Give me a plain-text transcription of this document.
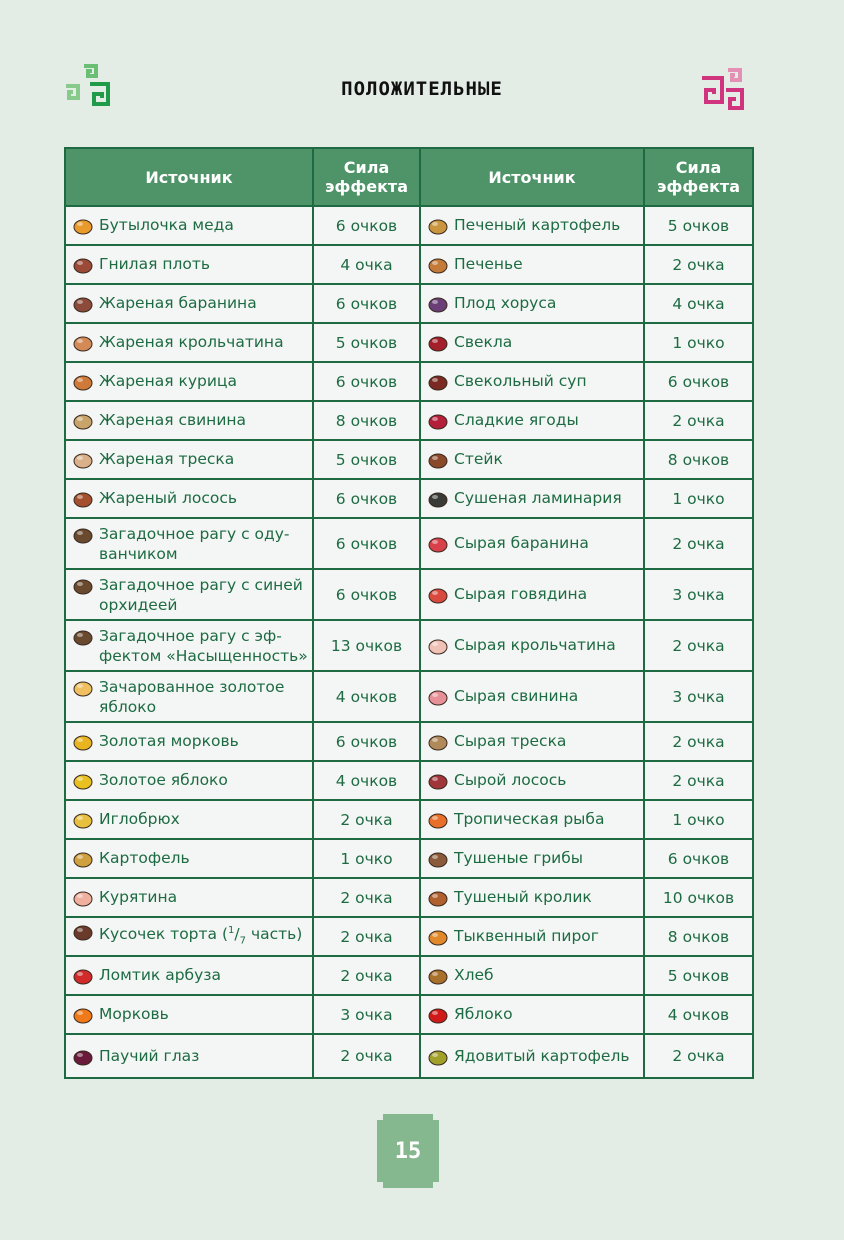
ПОЛОЖИТЕЛЬНЫЕ
Источник	Сила эффекта	Источник	Сила эффекта

Бутылочка меда	6 очков	Печеный картофель	5 очков

Гнилая плоть	4 очка	Печенье	2 очка

Жареная баранина	6 очков	Плод хоруса	4 очка

Жареная крольчатина	5 очков	Свекла	1 очко

Жареная курица	6 очков	Свекольный суп	6 очков

Жареная свинина	8 очков	Сладкие ягоды	2 очка

Жареная треска	5 очков	Стейк	8 очков

Жареный лосось	6 очков	Сушеная ламинария	1 очко

Загадочное рагу с оду-ванчиком	6 очков	Сырая баранина	2 очка

Загадочное рагу с синей орхидеей	6 очков	Сырая говядина	3 очка

Загадочное рагу с эф-фектом «Насыщенность»	13 очков	Сырая крольчатина	2 очка

Зачарованное золотое яблоко	4 очков	Сырая свинина	3 очка

Золотая морковь	6 очков	Сырая треска	2 очка

Золотое яблоко	4 очков	Сырой лосось	2 очка

Иглобрюх	2 очка	Тропическая рыба	1 очко

Картофель	1 очко	Тушеные грибы	6 очков

Курятина	2 очка	Тушеный кролик	10 очков

Кусочек торта ($^1/_7$ часть)	2 очка	Тыквенный пирог	8 очков

Ломтик арбуза	2 очка	Хлеб	5 очков

Морковь	3 очка	Яблоко	4 очков

Паучий глаз	2 очка	Ядовитый картофель	2 очка
15
